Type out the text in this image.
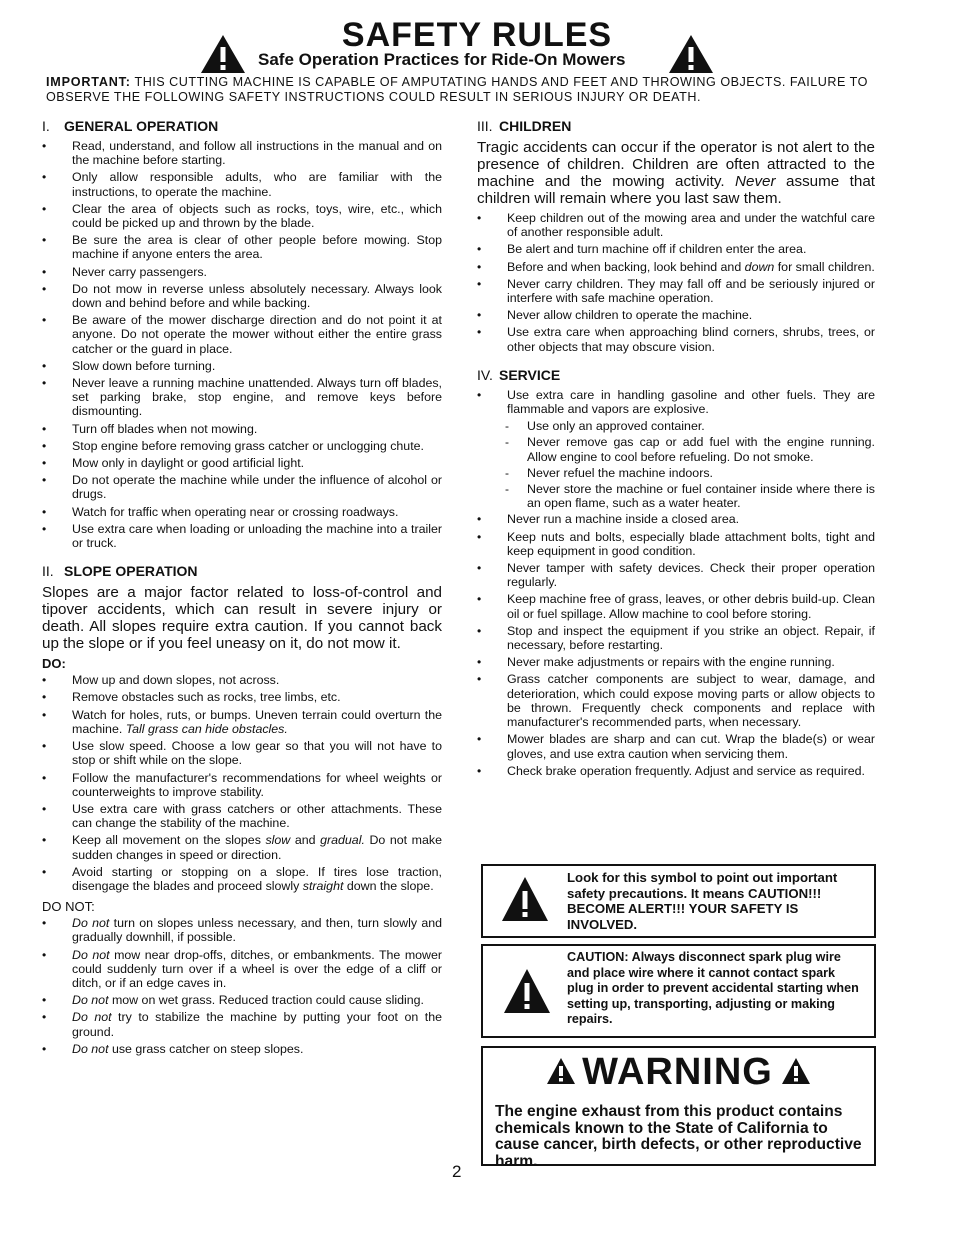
SAFETY RULES
Safe Operation Practices for Ride-On Mowers
IMPORTANT: THIS CUTTING MACHINE IS CAPABLE OF AMPUTATING HANDS AND FEET AND THROWING OBJECTS. FAILURE TO OBSERVE THE FOLLOWING SAFETY INSTRUCTIONS COULD RESULT IN SERIOUS INJURY OR DEATH.
I. GENERAL OPERATION
• Read, understand, and follow all instructions in the manual and on the machine before starting.
• Only allow responsible adults, who are familiar with the instructions, to operate the machine.
• Clear the area of objects such as rocks, toys, wire, etc., which could be picked up and thrown by the blade.
• Be sure the area is clear of other people before mowing. Stop machine if anyone enters the area.
• Never carry passengers.
• Do not mow in reverse unless absolutely necessary. Always look down and behind before and while backing.
• Be aware of the mower discharge direction and do not point it at anyone. Do not operate the mower without either the entire grass catcher or the guard in place.
• Slow down before turning.
• Never leave a running machine unattended. Always turn off blades, set parking brake, stop engine, and remove keys before dismounting.
• Turn off blades when not mowing.
• Stop engine before removing grass catcher or unclogging chute.
• Mow only in daylight or good artificial light.
• Do not operate the machine while under the influence of alcohol or drugs.
• Watch for traffic when operating near or crossing roadways.
• Use extra care when loading or unloading the machine into a trailer or truck.
II. SLOPE OPERATION

Slopes are a major factor related to loss-of-control and tipover accidents, which can result in severe injury or death. All slopes require extra caution. If you cannot back up the slope or if you feel uneasy on it, do not mow it.

DO:
• Mow up and down slopes, not across.
• Remove obstacles such as rocks, tree limbs, etc.
• Watch for holes, ruts, or bumps. Uneven terrain could overturn the machine. Tall grass can hide obstacles.
• Use slow speed. Choose a low gear so that you will not have to stop or shift while on the slope.
• Follow the manufacturer's recommendations for wheel weights or counterweights to improve stability.
• Use extra care with grass catchers or other attachments. These can change the stability of the machine.
• Keep all movement on the slopes slow and gradual. Do not make sudden changes in speed or direction.
• Avoid starting or stopping on a slope. If tires lose traction, disengage the blades and proceed slowly straight down the slope.
DO NOT:
• Do not turn on slopes unless necessary, and then, turn slowly and gradually downhill, if possible.
• Do not mow near drop-offs, ditches, or embankments. The mower could suddenly turn over if a wheel is over the edge of a cliff or ditch, or if an edge caves in.
• Do not mow on wet grass. Reduced traction could cause sliding.
• Do not try to stabilize the machine by putting your foot on the ground.
• Do not use grass catcher on steep slopes.
III. CHILDREN

Tragic accidents can occur if the operator is not alert to the presence of children. Children are often attracted to the machine and the mowing activity. Never assume that children will remain where you last saw them.

• Keep children out of the mowing area and under the watchful care of another responsible adult.
• Be alert and turn machine off if children enter the area.
• Before and when backing, look behind and down for small children.
• Never carry children. They may fall off and be seriously injured or interfere with safe machine operation.
• Never allow children to operate the machine.
• Use extra care when approaching blind corners, shrubs, trees, or other objects that may obscure vision.
IV. SERVICE
• Use extra care in handling gasoline and other fuels. They are flammable and vapors are explosive.
- Use only an approved container.
- Never remove gas cap or add fuel with the engine running. Allow engine to cool before refueling. Do not smoke.
- Never refuel the machine indoors.
- Never store the machine or fuel container inside where there is an open flame, such as a water heater.
• Never run a machine inside a closed area.
• Keep nuts and bolts, especially blade attachment bolts, tight and keep equipment in good condition.
• Never tamper with safety devices. Check their proper operation regularly.
• Keep machine free of grass, leaves, or other debris build-up. Clean oil or fuel spillage. Allow machine to cool before storing.
• Stop and inspect the equipment if you strike an object. Repair, if necessary, before restarting.
• Never make adjustments or repairs with the engine running.
• Grass catcher components are subject to wear, damage, and deterioration, which could expose moving parts or allow objects to be thrown. Frequently check components and replace with manufacturer's recommended parts, when necessary.
• Mower blades are sharp and can cut. Wrap the blade(s) or wear gloves, and use extra caution when servicing them.
• Check brake operation frequently. Adjust and service as required.
Look for this symbol to point out important safety precautions. It means CAUTION!!! BECOME ALERT!!! YOUR SAFETY IS INVOLVED.
CAUTION: Always disconnect spark plug wire and place wire where it cannot contact spark plug in order to prevent accidental starting when setting up, transporting, adjusting or making repairs.
WARNING
The engine exhaust from this product contains chemicals known to the State of California to cause cancer, birth defects, or other reproductive harm.
2
